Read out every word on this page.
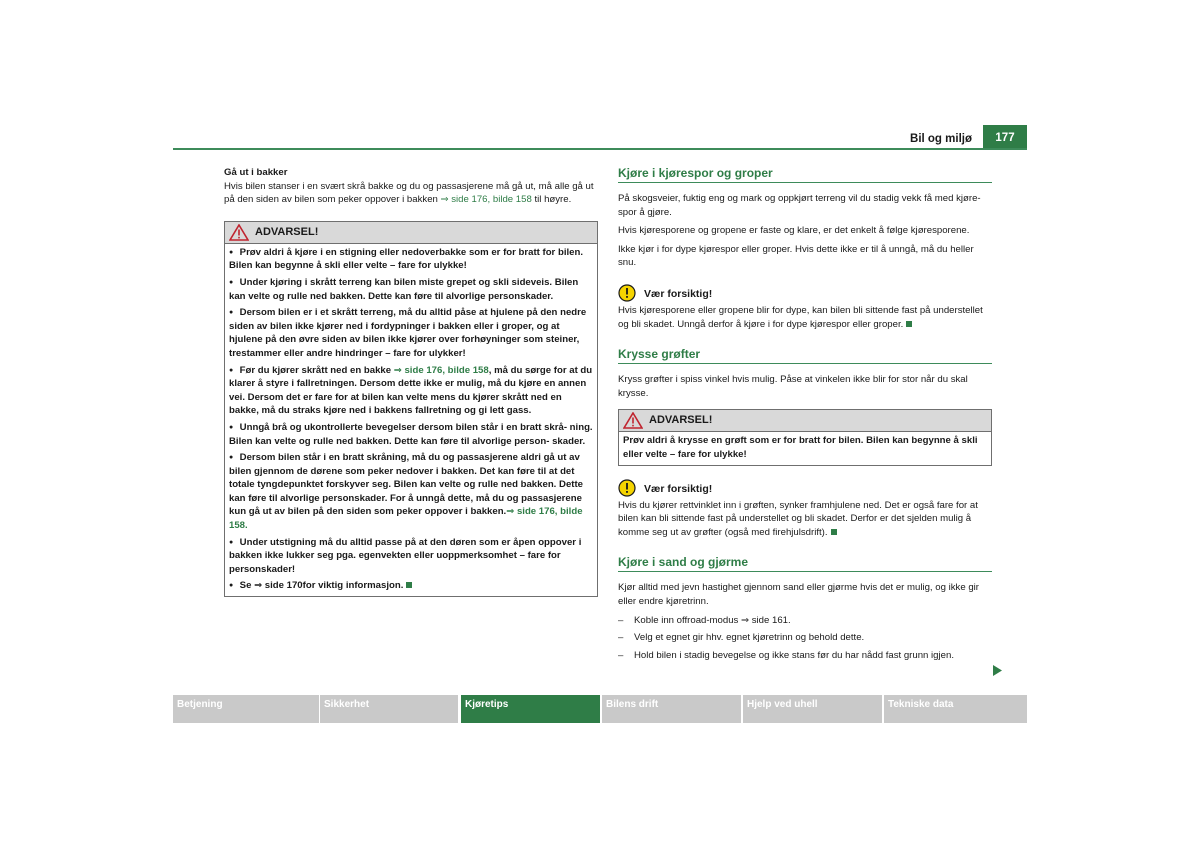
Bil og miljø	177

Gå ut i bakker

Hvis bilen stanser i en svært skrå bakke og du og passasjerene må gå ut, må alle gå ut på den siden av bilen som peker oppover i bakken ⇒ side 176, bilde 158 til høyre.

ADVARSEL!

● Prøv aldri å kjøre i en stigning eller nedoverbakke som er for bratt for bilen. Bilen kan begynne å skli eller velte – fare for ulykke!

● Under kjøring i skrått terreng kan bilen miste grepet og skli sideveis. Bilen kan velte og rulle ned bakken. Dette kan føre til alvorlige personskader.

● Dersom bilen er i et skrått terreng, må du alltid påse at hjulene på den nedre siden av bilen ikke kjører ned i fordypninger i bakken eller i groper, og at hjulene på den øvre siden av bilen ikke kjører over forhøyninger som steiner, trestammer eller andre hindringer – fare for ulykker!

● Før du kjører skrått ned en bakke ⇒ side 176, bilde 158, må du sørge for at du klarer å styre i fallretningen. Dersom dette ikke er mulig, må du kjøre en annen vei. Dersom det er fare for at bilen kan velte mens du kjører skrått ned en bakke, må du straks kjøre ned i bakkens fallretning og gi lett gass.

● Unngå brå og ukontrollerte bevegelser dersom bilen står i en bratt skrå- ning. Bilen kan velte og rulle ned bakken. Dette kan føre til alvorlige person- skader.

● Dersom bilen står i en bratt skråning, må du og passasjerene aldri gå ut av bilen gjennom de dørene som peker nedover i bakken. Det kan føre til at det totale tyngdepunktet forskyver seg. Bilen kan velte og rulle ned bakken. Dette kan føre til alvorlige personskader. For å unngå dette, må du og passasjerene kun gå ut av bilen på den siden som peker oppover i bakken.⇒ side 176, bilde 158.

● Under utstigning må du alltid passe på at den døren som er åpen oppover i bakken ikke lukker seg pga. egenvekten eller uoppmerksomhet – fare for personskader!

● Se ⇒ side 170for viktig informasjon.

Kjøre i kjørespor og groper

På skogsveier, fuktig eng og mark og oppkjørt terreng vil du stadig vekk få med kjøre- spor å gjøre.

Hvis kjøresporene og gropene er faste og klare, er det enkelt å følge kjøresporene.

Ikke kjør i for dype kjørespor eller groper. Hvis dette ikke er til å unngå, må du heller snu.

Vær forsiktig!

Hvis kjøresporene eller gropene blir for dype, kan bilen bli sittende fast på understellet og bli skadet. Unngå derfor å kjøre i for dype kjørespor eller groper.

Krysse grøfter

Kryss grøfter i spiss vinkel hvis mulig. Påse at vinkelen ikke blir for stor når du skal krysse.

ADVARSEL!

Prøv aldri å krysse en grøft som er for bratt for bilen. Bilen kan begynne å skli eller velte – fare for ulykke!

Vær forsiktig!

Hvis du kjører rettvinklet inn i grøften, synker framhjulene ned. Det er også fare for at bilen kan bli sittende fast på understellet og bli skadet. Derfor er det sjelden mulig å komme seg ut av grøfter (også med firehjulsdrift).

Kjøre i sand og gjørme

Kjør alltid med jevn hastighet gjennom sand eller gjørme hvis det er mulig, og ikke gir eller endre kjøretrinn.

– Koble inn offroad-modus ⇒ side 161.
– Velg et egnet gir hhv. egnet kjøretrinn og behold dette.
– Hold bilen i stadig bevegelse og ikke stans før du har nådd fast grunn igjen.
Betjening	Sikkerhet	Kjøretips	Bilens drift	Hjelp ved uhell	Tekniske data
